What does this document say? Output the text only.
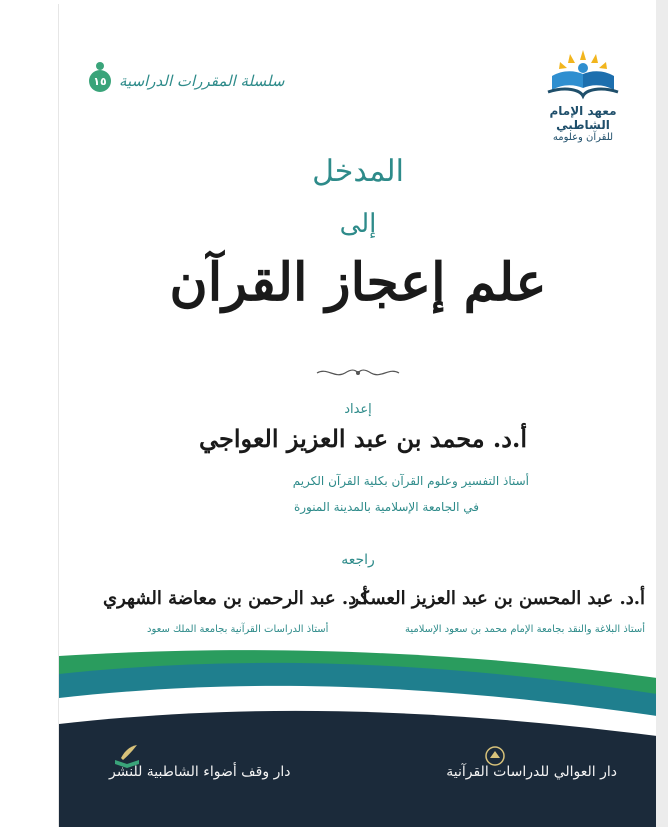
سلسلة المقررات الدراسية
١٥
معهد الإمام الشاطبي
للقرآن وعلومه
المدخل
إلى
علم إعجاز القرآن
إعداد
أ.د. محمد بن عبد العزيز العواجي
أستاذ التفسير وعلوم القرآن بكلية القرآن الكريم
في الجامعة الإسلامية بالمدينة المنورة
راجعه
أ.د. عبد المحسن بن عبد العزيز العسكر
أستاذ البلاغة والنقد بجامعة الإمام محمد بن سعود الإسلامية
أ.د. عبد الرحمن بن معاضة الشهري
أستاذ الدراسات القرآنية بجامعة الملك سعود
دار وقف أضواء الشاطبية للنشر	دار العوالي للدراسات القرآنية
